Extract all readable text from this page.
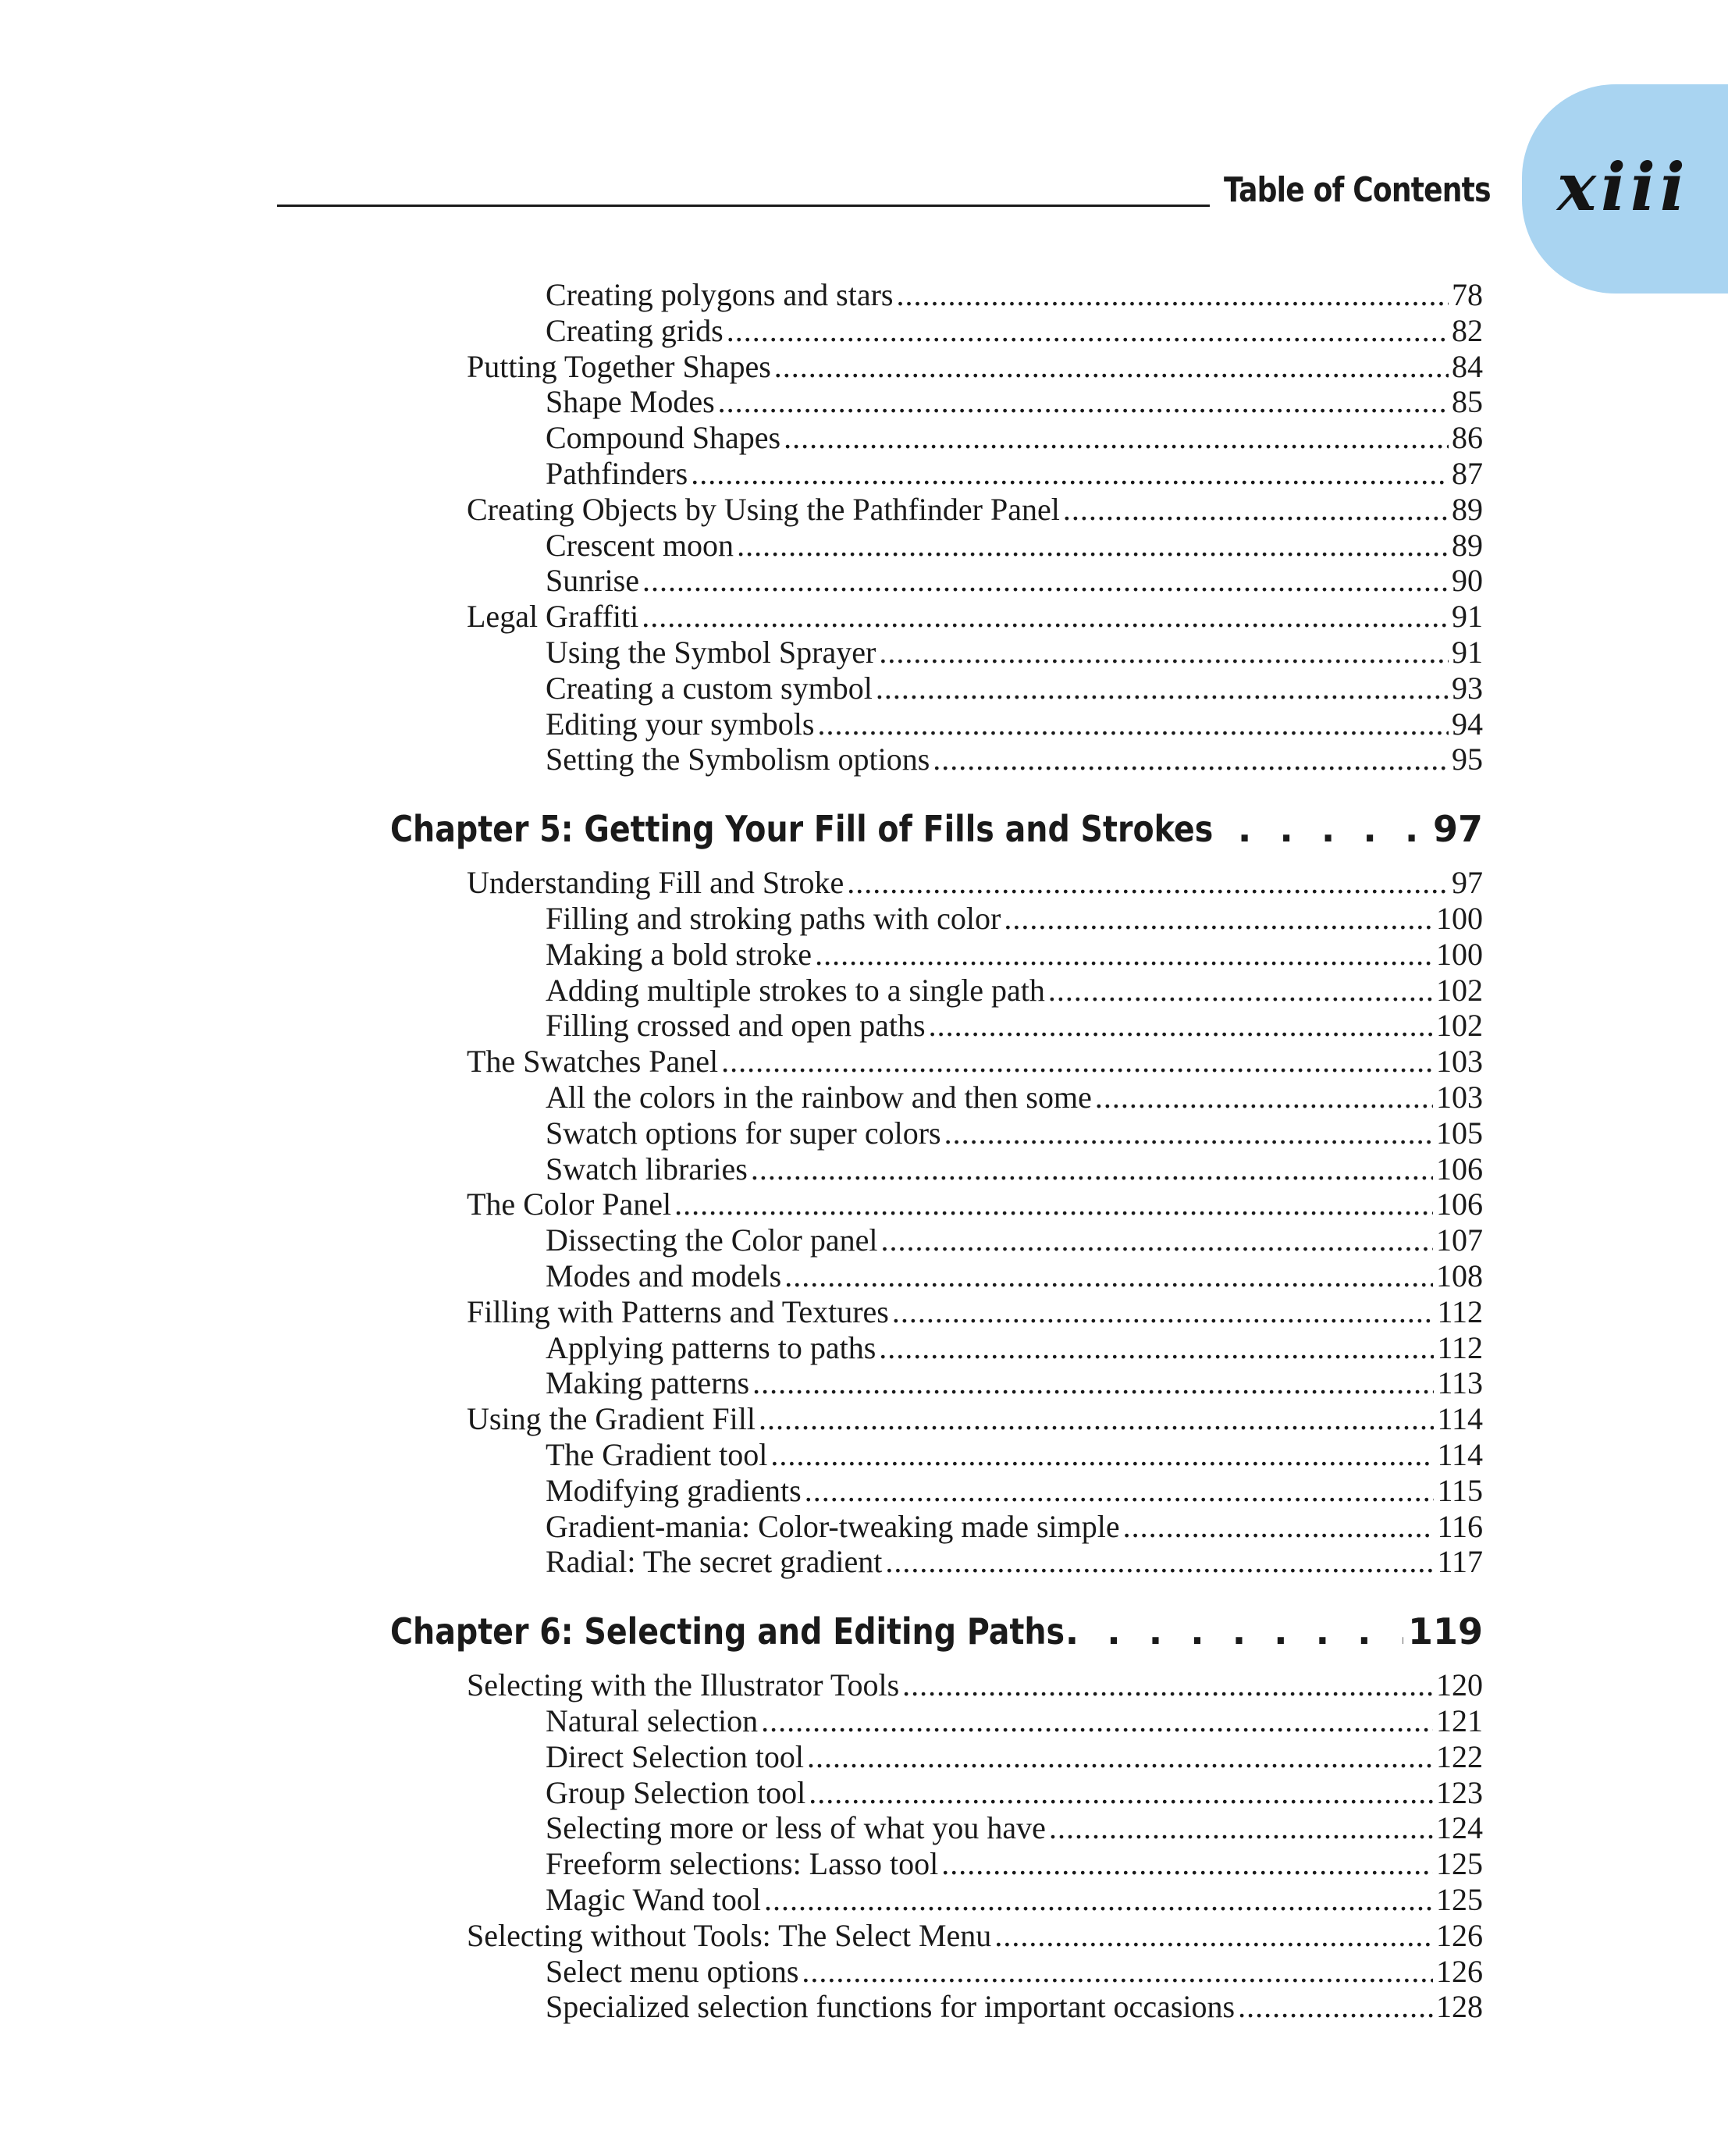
Table of Contents xiii
Creating polygons and stars .....	78
Creating grids .....	82
Putting Together Shapes .....	84
Shape Modes .....	85
Compound Shapes .....	86
Pathfinders .....	87
Creating Objects by Using the Pathfinder Panel .....	89
Crescent moon .....	89
Sunrise .....	90
Legal Graffiti .....	91
Using the Symbol Sprayer .....	91
Creating a custom symbol .....	93
Editing your symbols .....	94
Setting the Symbolism options .....	95
Chapter 5: Getting Your Fill of Fills and Strokes . . .	97
Understanding Fill and Stroke .....	97
Filling and stroking paths with color .....	100
Making a bold stroke .....	100
Adding multiple strokes to a single path .....	102
Filling crossed and open paths .....	102
The Swatches Panel .....	103
All the colors in the rainbow and then some .....	103
Swatch options for super colors .....	105
Swatch libraries .....	106
The Color Panel .....	106
Dissecting the Color panel .....	107
Modes and models .....	108
Filling with Patterns and Textures .....	112
Applying patterns to paths .....	112
Making patterns .....	113
Using the Gradient Fill .....	114
The Gradient tool .....	114
Modifying gradients .....	115
Gradient-mania: Color-tweaking made simple .....	116
Radial: The secret gradient .....	117
Chapter 6: Selecting and Editing Paths . . .	119
Selecting with the Illustrator Tools .....	120
Natural selection .....	121
Direct Selection tool .....	122
Group Selection tool .....	123
Selecting more or less of what you have .....	124
Freeform selections: Lasso tool .....	125
Magic Wand tool .....	125
Selecting without Tools: The Select Menu .....	126
Select menu options .....	126
Specialized selection functions for important occasions .....	128
